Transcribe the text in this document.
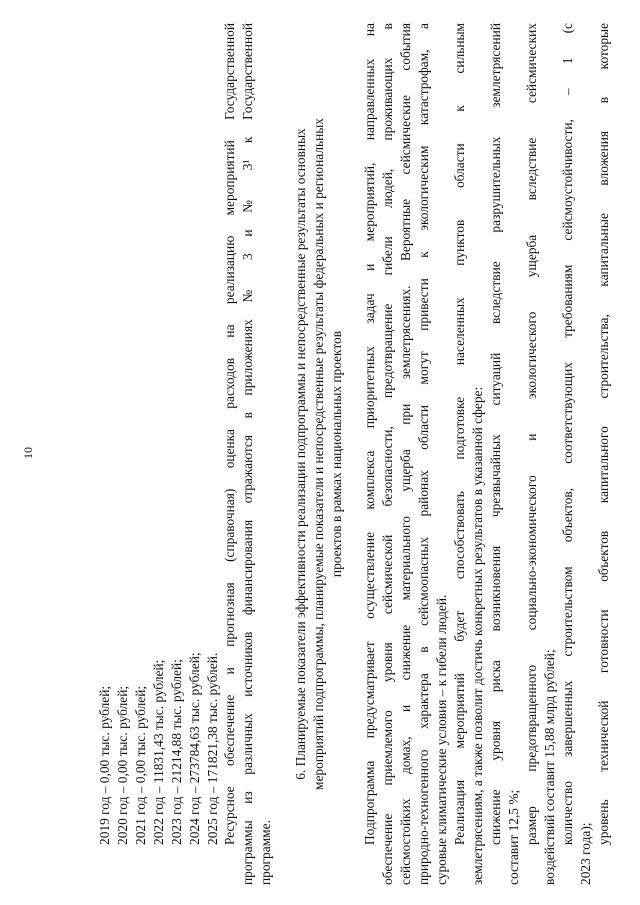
10
2019 год – 0,00 тыс. рублей; 2020 год – 0,00 тыс. рублей; 2021 год – 0,00 тыс. рублей; 2022 год – 11831,43 тыс. рублей; 2023 год – 21214,88 тыс. рублей; 2024 год – 273784,63 тыс. рублей; 2025 год – 171821,38 тыс. рублей. Ресурсное обеспечение и прогнозная (справочная) оценка расходов на реализацию мероприятий Государственной программы из различных источников финансирования отражаются в приложениях № 3 и № 3¹ к Государственной программе.
6. Планируемые показатели эффективности реализации подпрограммы и непосредственные результаты основных мероприятий подпрограммы, планируемые показатели и непосредственные результаты федеральных и региональных проектов в рамках национальных проектов Подпрограмма предусматривает осуществление комплекса приоритетных задач и мероприятий, направленных на обеспечение приемлемого уровня сейсмической безопасности, предотвращение гибели людей, проживающих в сейсмостойких домах, и снижение материального ущерба при землетрясениях. Вероятные сейсмические события природно-техногенного характера в сейсмоопасных районах области могут привести к экологическим катастрофам, а суровые климатические условия – к гибели людей. Реализация мероприятий будет способствовать подготовке населенных пунктов области к сильным землетрясениям, а также позволит достичь конкретных результатов в указанной сфере: снижение уровня риска возникновения чрезвычайных ситуаций вследствие разрушительных землетрясений составит 12,5 %; размер предотвращенного социально-экономического и экологического ущерба вследствие сейсмических воздействий составит 15,88 млрд рублей; количество завершенных строительством объектов, соответствующих требованиям сейсмоустойчивости, – 1 (с
2023 года);
уровень технической готовности объектов капитального строительства, капитальные вложения в которые
